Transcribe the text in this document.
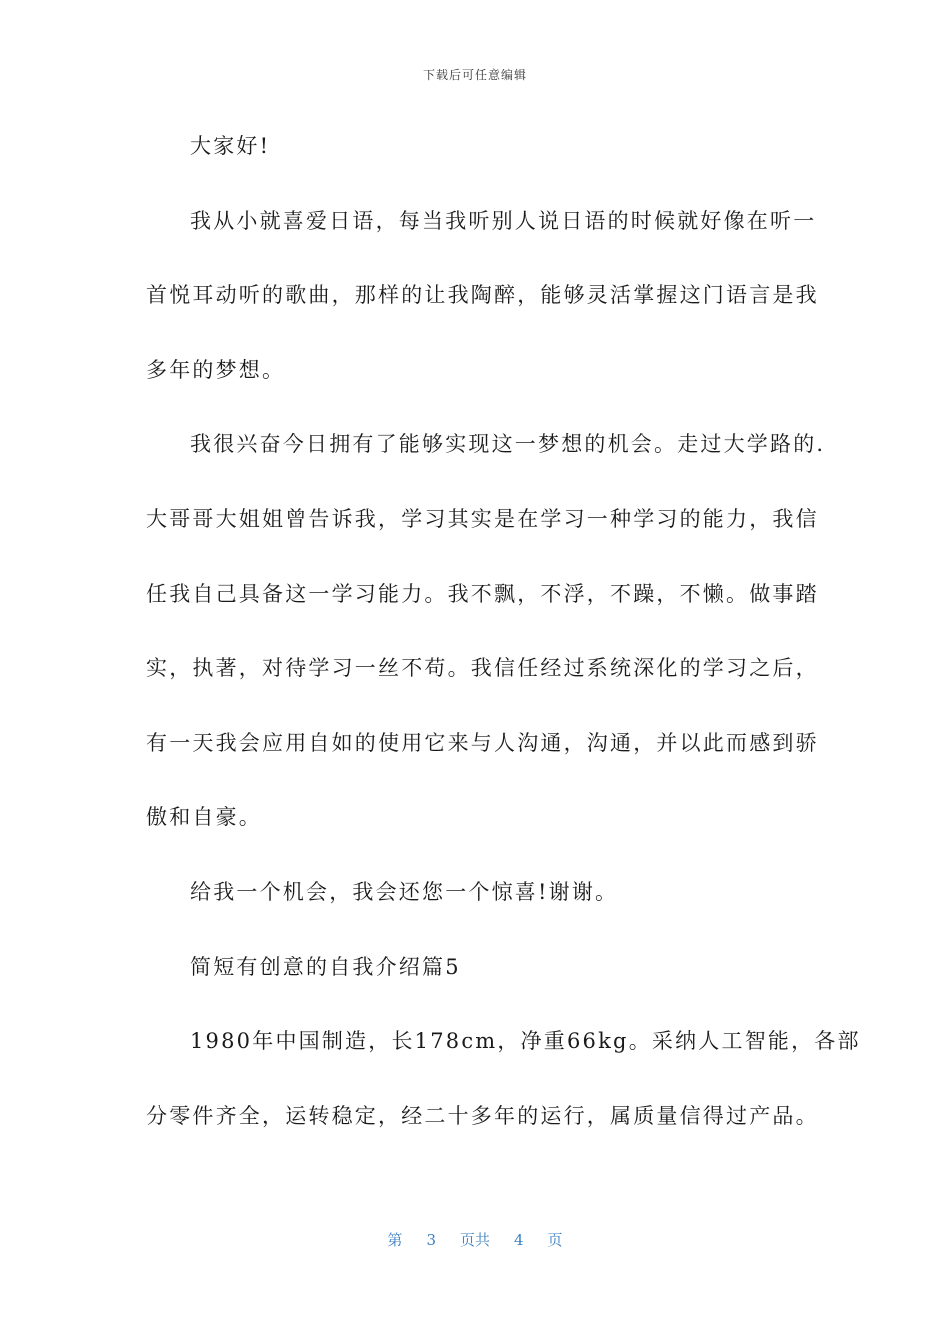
下载后可任意编辑
大家好!
我从小就喜爱日语，每当我听别人说日语的时候就好像在听一
首悦耳动听的歌曲，那样的让我陶醉，能够灵活掌握这门语言是我
多年的梦想。
我很兴奋今日拥有了能够实现这一梦想的机会。走过大学路的.
大哥哥大姐姐曾告诉我，学习其实是在学习一种学习的能力，我信
任我自己具备这一学习能力。我不飘，不浮，不躁，不懒。做事踏
实，执著，对待学习一丝不苟。我信任经过系统深化的学习之后，
有一天我会应用自如的使用它来与人沟通，沟通，并以此而感到骄
傲和自豪。
给我一个机会，我会还您一个惊喜!谢谢。
简短有创意的自我介绍篇5
1980年中国制造，长178cm，净重66kg。采纳人工智能，各部
分零件齐全，运转稳定，经二十多年的运行，属质量信得过产品。
第 3 页共 4 页
